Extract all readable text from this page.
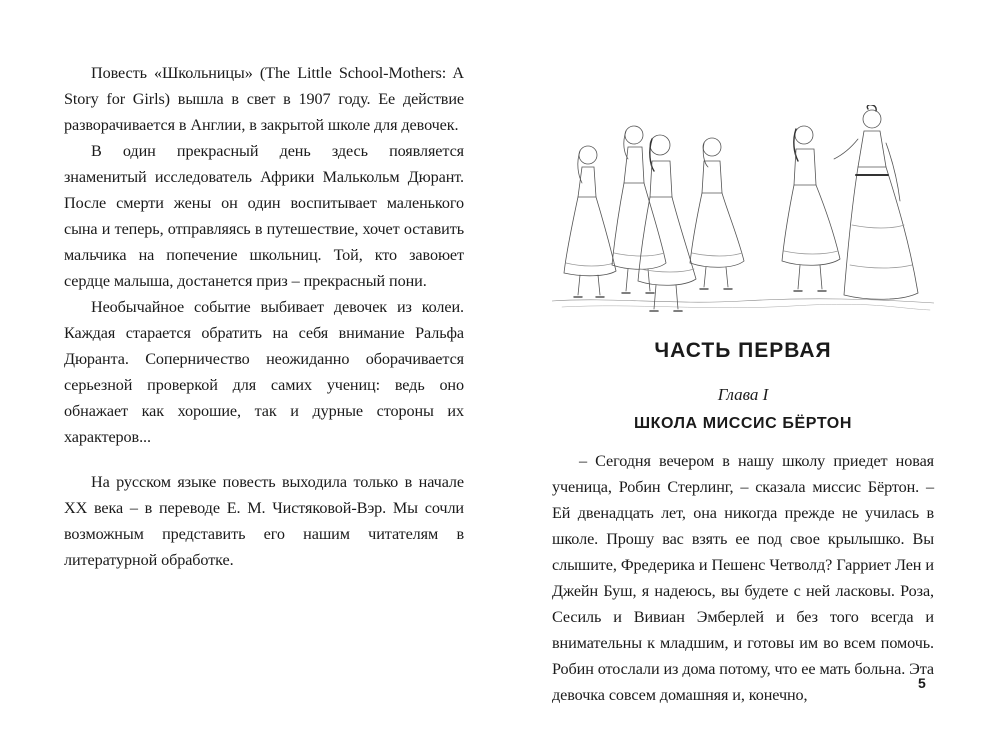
Повесть «Школьницы» (The Little School-Mothers: A Story for Girls) вышла в свет в 1907 году. Ее действие разворачивается в Англии, в закрытой школе для девочек.

В один прекрасный день здесь появляется знаменитый исследователь Африки Малькольм Дюрант. После смерти жены он один воспитывает маленького сына и теперь, отправляясь в путешествие, хочет оставить мальчика на попечение школьниц. Той, кто завоюет сердце малыша, достанется приз – прекрасный пони.

Необычайное событие выбивает девочек из колеи. Каждая старается обратить на себя внимание Ральфа Дюранта. Соперничество неожиданно оборачивается серьезной проверкой для самих учениц: ведь оно обнажает как хорошие, так и дурные стороны их характеров...

На русском языке повесть выходила только в начале XX века – в переводе Е. М. Чистяковой-Вэр. Мы сочли возможным представить его нашим читателям в литературной обработке.

ЧАСТЬ ПЕРВАЯ
Глава I
ШКОЛА МИССИС БЁРТОН

– Сегодня вечером в нашу школу приедет новая ученица, Робин Стерлинг, – сказала миссис Бёртон. – Ей двенадцать лет, она никогда прежде не училась в школе. Прошу вас взять ее под свое крылышко. Вы слышите, Фредерика и Пешенс Четволд? Гарриет Лен и Джейн Буш, я надеюсь, вы будете с ней ласковы. Роза, Сесиль и Вивиан Эмберлей и без того всегда и внимательны к младшим, и готовы им во всем помочь. Робин отослали из дома потому, что ее мать больна. Эта девочка совсем домашняя и, конечно,

5
